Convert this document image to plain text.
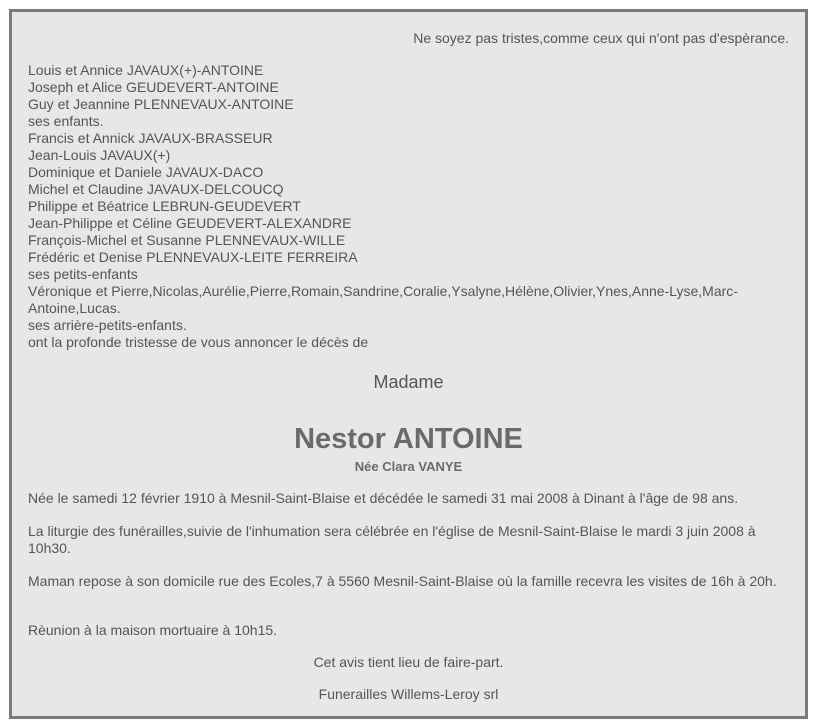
Ne soyez pas tristes,comme ceux qui n'ont pas d'espèrance.
Louis et Annice JAVAUX(+)-ANTOINE
Joseph et Alice GEUDEVERT-ANTOINE
Guy et Jeannine PLENNEVAUX-ANTOINE
ses enfants.
Francis et Annick JAVAUX-BRASSEUR
Jean-Louis JAVAUX(+)
Dominique et Daniele JAVAUX-DACO
Michel et Claudine JAVAUX-DELCOUCQ
Philippe et Béatrice LEBRUN-GEUDEVERT
Jean-Philippe et Céline GEUDEVERT-ALEXANDRE
François-Michel et Susanne PLENNEVAUX-WILLE
Frédéric et Denise PLENNEVAUX-LEITE FERREIRA
ses petits-enfants
Véronique et Pierre,Nicolas,Aurélie,Pierre,Romain,Sandrine,Coralie,Ysalyne,Hélène,Olivier,Ynes,Anne-Lyse,Marc-Antoine,Lucas.
ses arrière-petits-enfants.
ont la profonde tristesse de vous annoncer le décès de
Madame
Nestor ANTOINE
Née Clara VANYE
Née le samedi 12 février 1910 à Mesnil-Saint-Blaise et décédée le samedi 31 mai 2008 à Dinant à l'âge de 98 ans.
La liturgie des funérailles,suivie de l'inhumation sera célébrée en l'église de Mesnil-Saint-Blaise le mardi 3 juin 2008 à 10h30.
Maman repose à son domicile rue des Ecoles,7 à 5560 Mesnil-Saint-Blaise où la famille recevra les visites de 16h à 20h.
Rèunion à la maison mortuaire à 10h15.
Cet avis tient lieu de faire-part.
Funerailles Willems-Leroy srl
